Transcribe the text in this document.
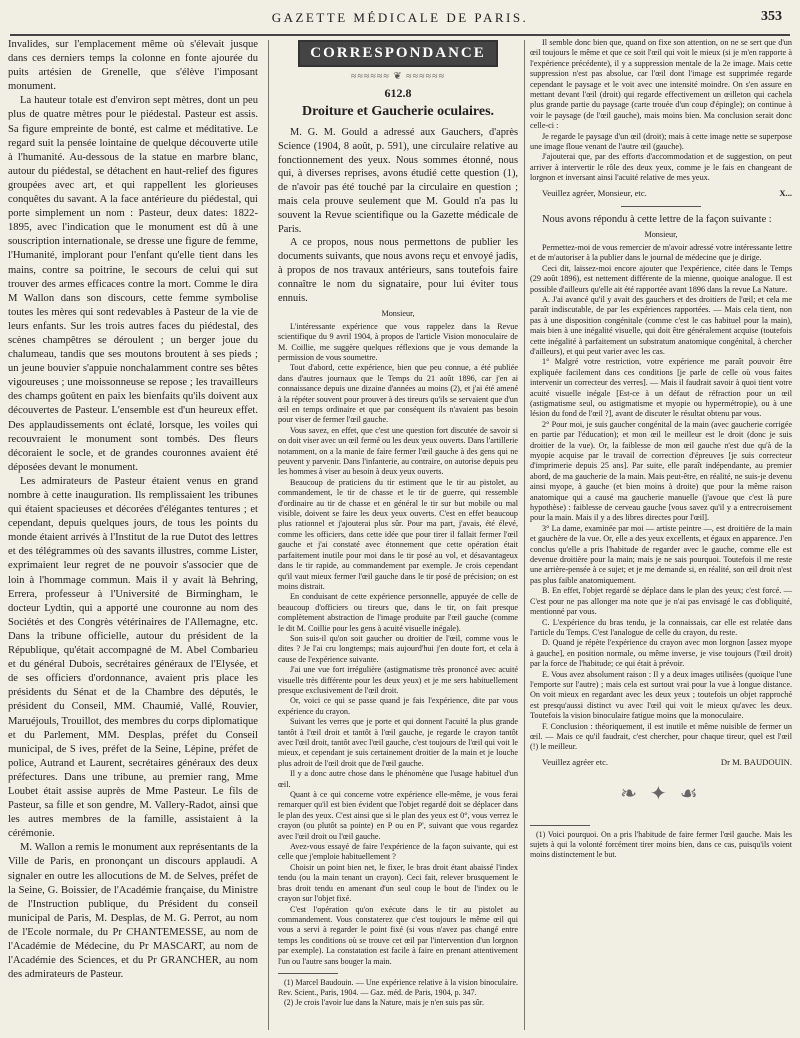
GAZETTE MÉDICALE DE PARIS.	353

Invalides, sur l'emplacement même où s'élevait jusque dans ces derniers temps la colonne en fonte ajourée du puits artésien de Grenelle, que s'élève l'imposant monument.

La hauteur totale est d'environ sept mètres, dont un peu plus de quatre mètres pour le piédestal. Pasteur est assis. Sa figure empreinte de bonté, est calme et méditative. Le regard suit la pensée lointaine de quelque découverte utile à l'humanité. Au-dessous de la statue en marbre blanc, autour du piédestal, se détachent en haut-relief des figures groupées avec art, et qui rappellent les glorieuses conquêtes du savant. A la face antérieure du piédestal, qui porte simplement un nom : Pasteur, deux dates: 1822-1895, avec l'indication que le monument est dû à une souscription internationale, se dresse une figure de femme, l'Humanité, implorant pour l'enfant qu'elle tient dans les mains, contre sa poitrine, le secours de celui qui sut trouver des armes efficaces contre la mort. Comme le dira M Wallon dans son discours, cette femme symbolise toutes les mères qui sont redevables à Pasteur de la vie de leurs enfants. Sur les trois autres faces du piédestal, des scènes champêtres se déroulent ; un berger joue du chalumeau, tandis que ses moutons broutent à ses pieds ; un jeune bouvier s'appuie nonchalamment contre ses bêtes vigoureuses ; une moissonneuse se repose ; les travailleurs des champs goûtent en paix les bienfaits qu'ils doivent aux découvertes de Pasteur. L'ensemble est d'un heureux effet. Des applaudissements ont éclaté, lorsque, les voiles qui recouvraient le monument sont tombés. Des fleurs décoraient le socle, et de grandes couronnes avaient été déposées devant le monument.

Les admirateurs de Pasteur étaient venus en grand nombre à cette inauguration. Ils remplissaient les tribunes qui étaient spacieuses et décorées d'élégantes tentures ; et cependant, depuis quelques jours, de tous les points du monde étaient arrivés à l'Institut de la rue Dutot des lettres et des télégrammes où des savants illustres, comme Lister, exprimaient leur regret de ne pouvoir s'associer que de loin à l'hommage commun. Mais il y avait là Behring, Errera, professeur à l'Université de Birmingham, le docteur Lydtin, qui a apporté une couronne au nom des Sociétés et des Congrès vétérinaires de l'Allemagne, etc. Dans la tribune officielle, autour du président de la République, qu'était accompagné de M. Abel Combarieu et du général Dubois, secrétaires généraux de l'Elysée, et de ses officiers d'ordonnance, avaient pris place les présidents du Sénat et de la Chambre des députés, le président du Conseil, MM. Chaumié, Vallé, Rouvier, Maruéjouls, Trouillot, des membres du corps diplomatique et du Parlement, MM. Desplas, préfet du Conseil municipal, de S ives, préfet de la Seine, Lépine, préfet de police, Autrand et Laurent, secrétaires généraux des deux préfectures. Dans une tribune, au premier rang, Mme Loubet était assise auprès de Mme Pasteur. Le fils de Pasteur, sa fille et son gendre, M. Vallery-Radot, ainsi que les autres membres de la famille, assistaient à la cérémonie.

M. Wallon a remis le monument aux représentants de la Ville de Paris, en prononçant un discours applaudi. A signaler en outre les allocutions de M. de Selves, préfet de la Seine, G. Boissier, de l'Académie française, du Ministre de l'Instruction publique, du Président du conseil municipal de Paris, M. Desplas, de M. G. Perrot, au nom de l'Ecole normale, du Pr CHANTEMESSE, au nom de l'Académie de Médecine, du Pr MASCART, au nom de l'Académie des Sciences, et du Pr GRANCHER, au nom des admirateurs de Pasteur.

CORRESPONDANCE
≈≈≈≈≈≈ ❦ ≈≈≈≈≈≈
612.8
Droiture et Gaucherie oculaires.

M. G. M. Gould a adressé aux Gauchers, d'après Science (1904, 8 août, p. 591), une circulaire relative au fonctionnement des yeux. Nous sommes étonné, nous qui, à diverses reprises, avons étudié cette question (1), de n'avoir pas été touché par la circulaire en question ; mais cela prouve seulement que M. Gould n'a pas lu souvent la Revue scientifique ou la Gazette médicale de Paris.

A ce propos, nous nous permettons de publier les documents suivants, que nous avons reçu et envoyé jadis, à propos de nos travaux antérieurs, sans toutefois faire connaître le nom du signataire, pour lui éviter tous ennuis.

Monsieur,

L'intéressante expérience que vous rappelez dans la Revue scientifique du 9 avril 1904, à propos de l'article Vision monoculaire de M. Coillie, me suggère quelques réflexions que je vous demande la permission de vous soumettre.

Tout d'abord, cette expérience, bien que peu connue, a été publiée dans d'autres journaux que le Temps du 21 août 1896, car j'en ai connaissance depuis une dizaine d'années au moins (2), et j'ai été amené à la répéter souvent pour prouver à des tireurs qu'ils se servaient que d'un œil en temps ordinaire et que par conséquent ils n'avaient pas besoin pour viser de fermer l'œil gauche.

Vous savez, en effet, que c'est une question fort discutée de savoir si on doit viser avec un œil fermé ou les deux yeux ouverts. Dans l'artillerie notamment, on a la manie de faire fermer l'œil gauche à des gens qui ne peuvent y parvenir. Dans l'infanterie, au contraire, on autorise depuis peu les hommes à viser au besoin à deux yeux ouverts.

Beaucoup de praticiens du tir estiment que le tir au pistolet, au commandement, le tir de chasse et le tir de guerre, qui ressemble d'ordinaire au tir de chasse et en général le tir sur but mobile ou mal visible, doivent se faire les deux yeux ouverts. C'est en effet beaucoup plus rationnel et j'ajouterai plus sûr. Pour ma part, j'avais, été élevé, comme les officiers, dans cette idée que pour tirer il fallait fermer l'œil gauche et j'ai constaté avec étonnement que cette opération était parfaitement inutile pour moi dans le tir posé au vol, et désavantageux dans le tir rapide, au commandement par exemple. Je crois cependant qu'il vaut mieux fermer l'œil gauche dans le tir posé de précision; on est moins distrait.

En conduisant de cette expérience personnelle, appuyée de celle de beaucoup d'officiers ou tireurs que, dans le tir, on fait presque complètement abstraction de l'image produite par l'œil gauche (comme le dit M. Coillie pour les gens à acuité visuelle inégale).

Son suis-il qu'on soit gaucher ou droitier de l'œil, comme vous le dites ? Je l'ai cru longtemps; mais aujourd'hui j'en doute fort, et cela à cause de l'expérience suivante.

J'ai une vue fort irrégulière (astigmatisme très prononcé avec acuité visuelle très différente pour les deux yeux) et je me sers habituellement presque exclusivement de l'œil droit.

Or, voici ce qui se passe quand je fais l'expérience, dite par vous expérience du crayon.

Suivant les verres que je porte et qui donnent l'acuité la plus grande tantôt à l'œil droit et tantôt à l'œil gauche, je regarde le crayon tantôt avec l'œil droit, tantôt avec l'œil gauche, c'est toujours de l'œil qui voit le mieux, et cependant je suis certainement droitier de la main et je louche plus adroit de l'œil droit que de l'œil gauche.

Il y a donc autre chose dans le phénomène que l'usage habituel d'un œil.

Quant à ce qui concerne votre expérience elle-même, je vous ferai remarquer qu'il est bien évident que l'objet regardé doit se déplacer dans le plan des yeux. C'est ainsi que si le plan des yeux est 0°, vous verrez le crayon (ou plutôt sa pointe) en P ou en P', suivant que vous regardez avec l'œil droit ou l'œil gauche.

Avez-vous essayé de faire l'expérience de la façon suivante, qui est celle que j'emploie habituellement ?

Choisir un point bien net, le fixer, le bras droit étant abaissé l'index tendu (ou la main tenant un crayon). Ceci fait, relever brusquement le bras droit tendu en amenant d'un seul coup le bout de l'index ou le crayon sur l'objet fixé.

C'est l'opération qu'on exécute dans le tir au pistolet au commandement. Vous constaterez que c'est toujours le même œil qui vous a servi à regarder le point fixé (si vous n'avez pas changé entre temps les conditions où se trouve cet œil par l'intervention d'un lorgnon par exemple). La constatation est facile à faire en prenant attentivement l'un ou l'autre sans bouger la main.

(1) Marcel Baudouin. — Une expérience relative à la vision binoculaire. Rev. Scient., Paris, 1904. — Gaz. méd. de Paris, 1904, p. 347.

(2) Je crois l'avoir lue dans la Nature, mais je n'en suis pas sûr.

Il semble donc bien que, quand on fixe son attention, on ne se sert que d'un œil toujours le même et que ce soit l'œil qui voit le mieux (si je m'en rapporte à l'expérience précédente), il y a suppression mentale de la 2e image. Mais cette suppression n'est pas absolue, car l'œil dont l'image est supprimée regarde cependant le paysage et le voit avec une intensité moindre. On s'en assure en mettant devant l'œil (droit) qui regarde effectivement un œilleton qui cachela plus grande partie du paysage (carte trouée d'un coup d'épingle); on continue à voir le paysage (de l'œil gauche), mais moins bien. Ma conclusion serait donc celle-ci :

Je regarde le paysage d'un œil (droit); mais à cette image nette se superpose une image floue venant de l'autre œil (gauche).

J'ajouterai que, par des efforts d'accommodation et de suggestion, on peut arriver à intervertir le rôle des deux yeux, comme je le fais en changeant de lorgnon et inversant ainsi l'acuité relative de mes yeux.

Veuillez agréer, Monsieur, etc.	X...

Nous avons répondu à cette lettre de la façon suivante :

Monsieur,

Permettez-moi de vous remercier de m'avoir adressé votre intéressante lettre et de m'autoriser à la publier dans le journal de médecine que je dirige.

Ceci dit, laissez-moi encore ajouter que l'expérience, citée dans le Temps (29 août 1896), est nettement différente de la mienne, quoique analogue. Il est possible d'ailleurs qu'elle ait été rapportée avant 1896 dans la revue La Nature.

A. J'ai avancé qu'il y avait des gauchers et des droitiers de l'œil; et cela me paraît indiscutable, de par les expériences rapportées. — Mais cela tient, non pas à une disposition congénitale (comme c'est le cas habituel pour la main), mais bien à une inégalité visuelle, qui doit être généralement acquise (toutefois cette inégalité à parfaitement un substratum anatomique congénital, à chercher d'ailleurs), et qui peut varier avec les cas.

1° Malgré votre restriction, votre expérience me paraît pouvoir être expliquée facilement dans ces conditions [je parle de celle où vous faites intervenir un correcteur des verres]. — Mais il faudrait savoir à quoi tient votre acuité visuelle inégale [Est-ce à un défaut de réfraction pour un œil (astigmatisme seul, ou astigmatisme et myopie ou hypermétropie), ou à une lésion du fond de l'œil ?], avant de discuter le résultat obtenu par vous.

2° Pour moi, je suis gaucher congénital de la main (avec gaucherie corrigée en partie par l'éducation); et mon œil le meilleur est le droit (donc je suis droitier de la vue). Or, la faiblesse de mon œil gauche n'est due qu'à de la myopie acquise par le travail de correction d'épreuves [je suis correcteur d'imprimerie depuis 25 ans]. Par suite, elle paraît indépendante, au premier abord, de ma gaucherie de la main. Mais peut-être, en réalité, ne suis-je devenu ainsi myope, à gauche (et bien moins à droite) que pour la même raison anatomique qui a causé ma gaucherie manuelle (j'avoue que c'est là pure hypothèse) : faiblesse de cerveau gauche [vous savez qu'il y a entrecroisement pour la main. Mais il y a des libres directes pour l'œil].

3° La dame, examinée par moi — artiste peintre —, est droitière de la main et gauchère de la vue. Or, elle a des yeux excellents, et égaux en apparence. J'en conclus qu'elle a pris l'habitude de regarder avec le gauche, comme elle est devenue droitière pour la main; mais je ne sais pourquoi. Toutefois il me reste une arrière-pensée à ce sujet; et je me demande si, en réalité, son œil droit n'est pas plus faible anatomiquement.

B. En effet, l'objet regardé se déplace dans le plan des yeux; c'est forcé. — C'est pour ne pas allonger ma note que je n'ai pas envisagé le cas d'obliquité, mentionné par vous.

C. L'expérience du bras tendu, je la connaissais, car elle est relatée dans l'article du Temps. C'est l'analogue de celle du crayon, du reste.

D. Quand je répète l'expérience du crayon avec mon lorgnon [assez myope à gauche], en position normale, ou même inverse, je vise toujours (l'œil droit) par la force de l'habitude; ce qui était à prévoir.

E. Vous avez absolument raison : Il y a deux images utilisées (quoique l'une l'emporte sur l'autre) ; mais cela est surtout vrai pour la vue à longue distance. On voit mieux en regardant avec les deux yeux ; toutefois un objet rapproché est presqu'aussi distinct vu avec l'œil qui voit le mieux qu'avec les deux. Toutefois la vision binoculaire fatigue moins que la monoculaire.

F. Conclusion : théoriquement, il est inutile et même nuisible de fermer un œil. — Mais ce qu'il faudrait, c'est chercher, pour chaque tireur, quel est l'œil (!) le meilleur.

Veuillez agréer etc.	Dr M. BAUDOUIN.
❧ ✦ ☙

(1) Voici pourquoi. On a pris l'habitude de faire fermer l'œil gauche. Mais les sujets à qui la volonté forcément tirer moins bien, dans ce cas, puisqu'ils voient moins distinctement le but.
